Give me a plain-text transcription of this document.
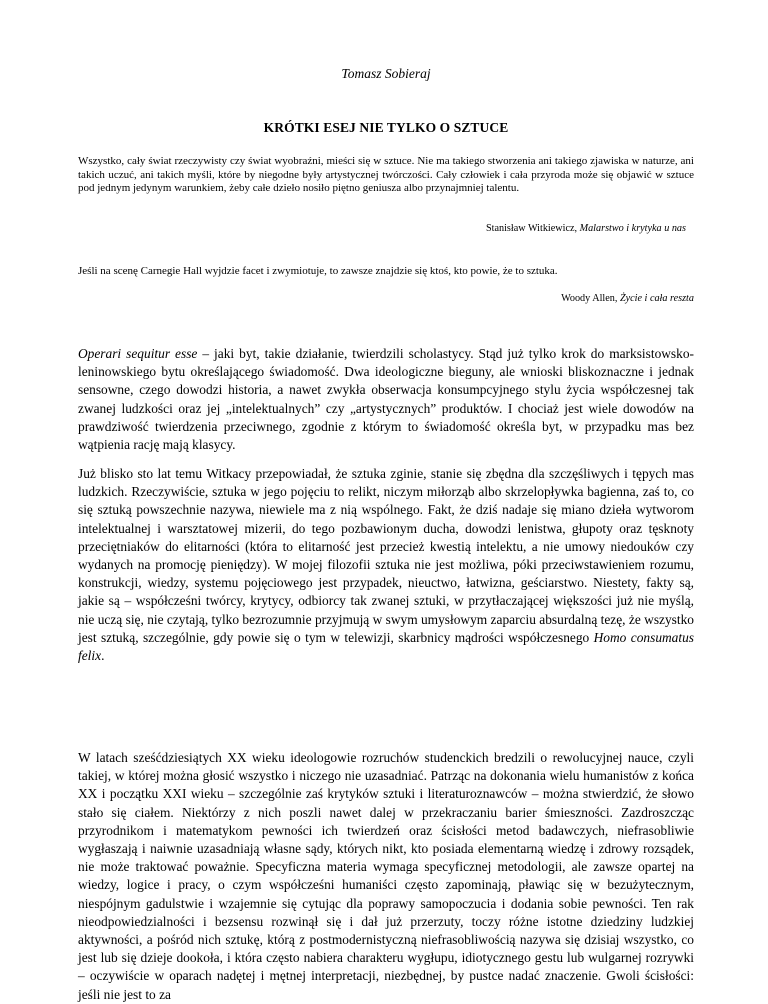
Tomasz Sobieraj
KRÓTKI ESEJ NIE TYLKO O SZTUCE

Wszystko, cały świat rzeczywisty czy świat wyobraźni, mieści się w sztuce. Nie ma takiego stworzenia ani takiego zjawiska w naturze, ani takich uczuć, ani takich myśli, które by niegodne były artystycznej twórczości. Cały człowiek i cała przyroda może się objawić w sztuce pod jednym jedynym warunkiem, żeby całe dzieło nosiło piętno geniusza albo przynajmniej talentu.

Stanisław Witkiewicz, Malarstwo i krytyka u nas

Jeśli na scenę Carnegie Hall wyjdzie facet i zwymiotuje, to zawsze znajdzie się ktoś, kto powie, że to sztuka.

Woody Allen, Życie i cała reszta

Operari sequitur esse – jaki byt, takie działanie, twierdzili scholastycy. Stąd już tylko krok do marksistowsko-leninowskiego bytu określającego świadomość. Dwa ideologiczne bieguny, ale wnioski bliskoznaczne i jednak sensowne, czego dowodzi historia, a nawet zwykła obserwacja konsumpcyjnego stylu życia współczesnej tak zwanej ludzkości oraz jej „intelektualnych” czy „artystycznych” produktów. I chociaż jest wiele dowodów na prawdziwość twierdzenia przeciwnego, zgodnie z którym to świadomość określa byt, w przypadku mas bez wątpienia rację mają klasycy.

Już blisko sto lat temu Witkacy przepowiadał, że sztuka zginie, stanie się zbędna dla szczęśliwych i tępych mas ludzkich. Rzeczywiście, sztuka w jego pojęciu to relikt, niczym miłorząb albo skrzelopływka bagienna, zaś to, co się sztuką powszechnie nazywa, niewiele ma z nią wspólnego. Fakt, że dziś nadaje się miano dzieła wytworom intelektualnej i warsztatowej mizerii, do tego pozbawionym ducha, dowodzi lenistwa, głupoty oraz tęsknoty przeciętniaków do elitarności (która to elitarność jest przecież kwestią intelektu, a nie umowy niedouków czy wydanych na promocję pieniędzy). W mojej filozofii sztuka nie jest możliwa, póki przeciwstawieniem rozumu, konstrukcji, wiedzy, systemu pojęciowego jest przypadek, nieuctwo, łatwizna, geściarstwo. Niestety, fakty są, jakie są – współcześni twórcy, krytycy, odbiorcy tak zwanej sztuki, w przytłaczającej większości już nie myślą, nie uczą się, nie czytają, tylko bezrozumnie przyjmują w swym umysłowym zaparciu absurdalną tezę, że wszystko jest sztuką, szczególnie, gdy powie się o tym w telewizji, skarbnicy mądrości współczesnego Homo consumatus felix.

W latach sześćdziesiątych XX wieku ideologowie rozruchów studenckich bredzili o rewolucyjnej nauce, czyli takiej, w której można głosić wszystko i niczego nie uzasadniać. Patrząc na dokonania wielu humanistów z końca XX i początku XXI wieku – szczególnie zaś krytyków sztuki i literaturoznawców – można stwierdzić, że słowo stało się ciałem. Niektórzy z nich poszli nawet dalej w przekraczaniu barier śmieszności. Zazdroszcząc przyrodnikom i matematykom pewności ich twierdzeń oraz ścisłości metod badawczych, niefrasobliwie wygłaszają i naiwnie uzasadniają własne sądy, których nikt, kto posiada elementarną wiedzę i zdrowy rozsądek, nie może traktować poważnie. Specyficzna materia wymaga specyficznej metodologii, ale zawsze opartej na wiedzy, logice i pracy, o czym współcześni humaniści często zapominają, pławiąc się w bezużytecznym, niespójnym gadulstwie i wzajemnie się cytując dla poprawy samopoczucia i dodania sobie pewności. Ten rak nieodpowiedzialności i bezsensu rozwinął się i dał już przerzuty, toczy różne istotne dziedziny ludzkiej aktywności, a pośród nich sztukę, którą z postmodernistyczną niefrasobliwością nazywa się dzisiaj wszystko, co jest lub się dzieje dookoła, i która często nabiera charakteru wygłupu, idiotycznego gestu lub wulgarnej rozrywki ‒ oczywiście w oparach nadętej i mętnej interpretacji, niezbędnej, by pustce nadać znaczenie. Gwoli ścisłości: jeśli nie jest to za
